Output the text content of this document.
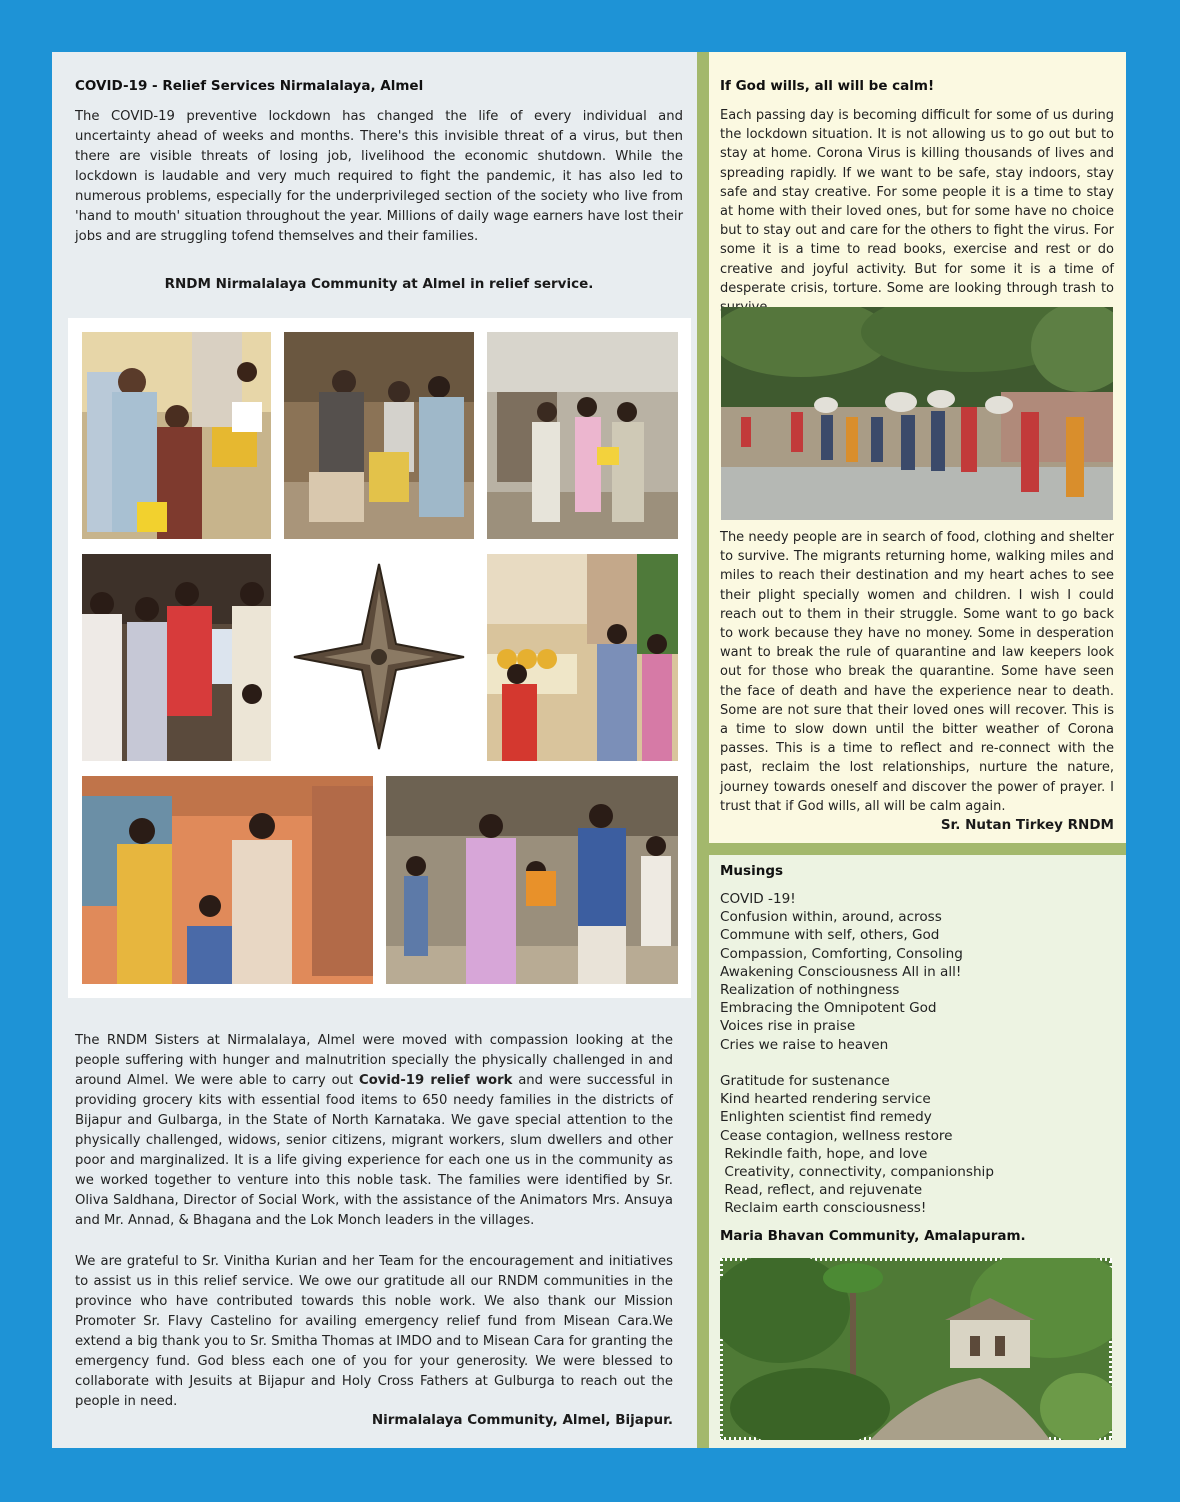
COVID-19 - Relief Services Nirmalalaya, Almel
The COVID-19 preventive lockdown has changed the life of every individual and uncertainty ahead of weeks and months. There's this invisible threat of a virus, but then there are visible threats of losing job, livelihood the economic shutdown. While the lockdown is laudable and very much required to fight the pandemic, it has also led to numerous problems, especially for the underprivileged section of the society who live from 'hand to mouth' situation throughout the year. Millions of daily wage earners have lost their jobs and are struggling tofend themselves and their families.
RNDM Nirmalalaya Community at Almel in relief service.
The RNDM Sisters at Nirmalalaya, Almel were moved with compassion looking at the people suffering with hunger and malnutrition specially the physically challenged in and around Almel. We were able to carry out Covid-19 relief work and were successful in providing grocery kits with essential food items to 650 needy families in the districts of Bijapur and Gulbarga, in the State of North Karnataka. We gave special attention to the physically challenged, widows, senior citizens, migrant workers, slum dwellers and other poor and marginalized. It is a life giving experience for each one us in the community as we worked together to venture into this noble task. The families were identified by Sr. Oliva Saldhana, Director of Social Work, with the assistance of the Animators Mrs. Ansuya and Mr. Annad, & Bhagana and the Lok Monch leaders in the villages.
We are grateful to Sr. Vinitha Kurian and her Team for the encouragement and initiatives to assist us in this relief service. We owe our gratitude all our RNDM communities in the province who have contributed towards this noble work. We also thank our Mission Promoter Sr. Flavy Castelino for availing emergency relief fund from Misean Cara.We extend a big thank you to Sr. Smitha Thomas at IMDO and to Misean Cara for granting the emergency fund. God bless each one of you for your generosity. We were blessed to collaborate with Jesuits at Bijapur and Holy Cross Fathers at Gulburga to reach out the people in need.
Nirmalalaya Community, Almel, Bijapur.
If God wills, all will be calm!
Each passing day is becoming difficult for some of us during the lockdown situation. It is not allowing us to go out but to stay at home. Corona Virus is killing thousands of lives and spreading rapidly. If we want to be safe, stay indoors, stay safe and stay creative. For some people it is a time to stay at home with their loved ones, but for some have no choice but to stay out and care for the others to fight the virus. For some it is a time to read books, exercise and rest or do creative and joyful activity. But for some it is a time of desperate crisis, torture. Some are looking through trash to
The needy people are in search of food, clothing and shelter to survive. The migrants returning home, walking miles and miles to reach their destination and my heart aches to see their plight specially women and children. I wish I could reach out to them in their struggle. Some want to go back to work because they have no money. Some in desperation want to break the rule of quarantine and law keepers look out for those who break the quarantine. Some have seen the face of death and have the experience near to death. Some are not sure that their loved ones will recover. This is a time to slow down until the bitter weather of Corona passes. This is a time to reflect and re-connect with the past, reclaim the lost relationships, nurture the nature, journey towards oneself and discover the power of prayer. I trust that if God wills, all will be calm again.
Sr. Nutan Tirkey RNDM
Musings
COVID -19!
Confusion within, around, across
Commune with self, others, God
Compassion, Comforting, Consoling
Awakening Consciousness All in all!
Realization of nothingness
Embracing the Omnipotent God
Voices rise in praise
Cries we raise to heaven
Gratitude for sustenance
Kind hearted rendering service
Enlighten scientist find remedy
Cease contagion, wellness restore
Rekindle faith, hope, and love
Creativity, connectivity, companionship
Read, reflect, and rejuvenate
Reclaim earth consciousness!
Maria Bhavan Community, Amalapuram.
